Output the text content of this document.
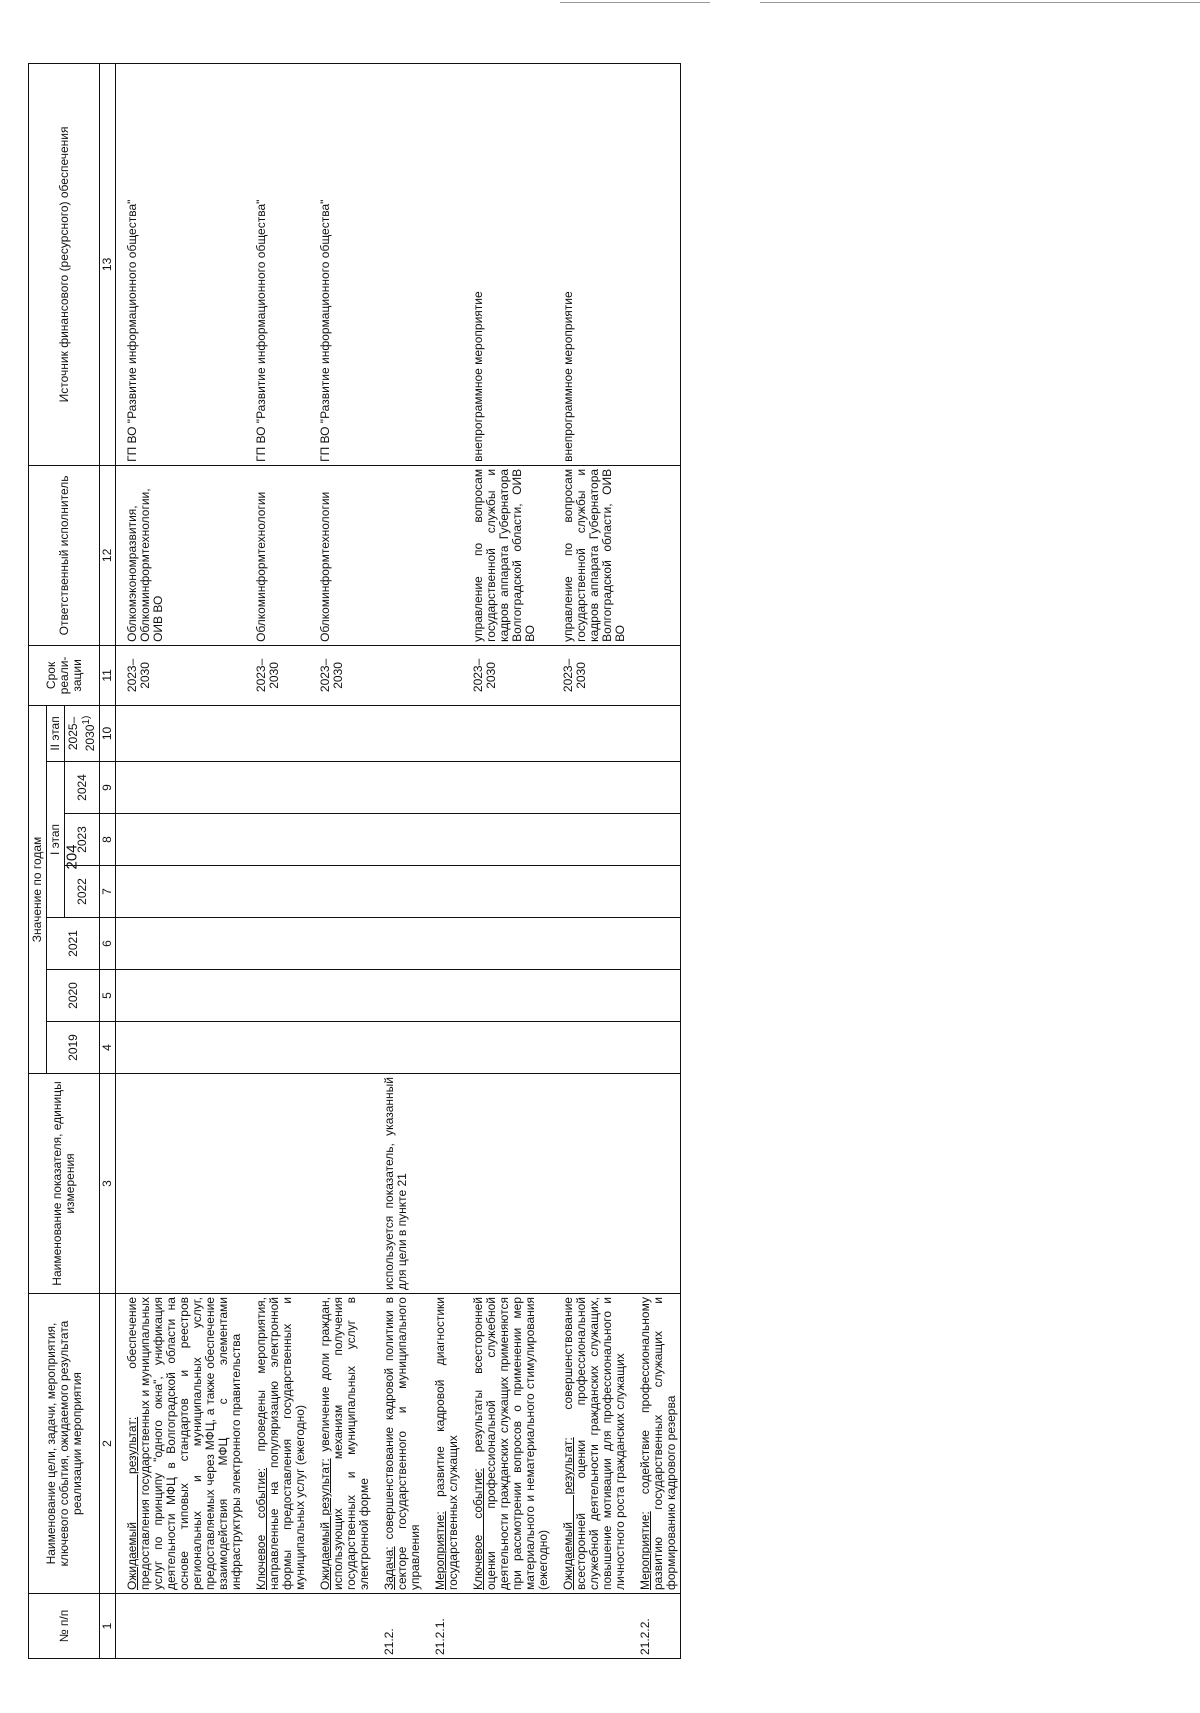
204
№ п/п	Наименование цели, задачи, мероприятия, ключевого события, ожидаемого результата реализации мероприятия	Наименование показателя, единицы измерения	Значение по годам							Срок реали-зации	Ответственный исполнитель	Источник финансового (ресурсного) обеспечения
			2019	2020	2021	I этап			II этап			
						2022	2023	2024	2025–2030$^{1)}$
1	2	3	4	5	6	7	8	9	10	11	12	13
	Ожидаемый результат: обеспечение предоставления государственных и муниципальных услуг по принципу "одного окна", унификация деятельности МФЦ в Волгоградской области на основе типовых стандартов и реестров региональных и муниципальных услуг, предоставляемых через МФЦ, а также обеспечение взаимодействия МФЦ с элементами инфраструктуры электронного правительства									2023–2030	Облкомэкономразвития, Облкоминформтехнологии, ОИВ ВО	ГП ВО "Развитие информационного общества"
	Ключевое событие: проведены мероприятия, направленные на популяризацию электронной формы предоставления государственных и муниципальных услуг (ежегодно)									2023–2030	Облкоминформтехнологии	ГП ВО "Развитие информационного общества"
	Ожидаемый результат: увеличение доли граждан, использующих механизм получения государственных и муниципальных услуг в электронной форме									2023–2030	Облкоминформтехнологии	ГП ВО "Развитие информационного общества"
21.2.	Задача: совершенствование кадровой политики в секторе государственного и муниципального управления	используется показатель, указанный для цели в пункте 21										
21.2.1.	Мероприятие: развитие кадровой диагностики государственных служащих											
	Ключевое событие: результаты всесторонней оценки профессиональной служебной деятельности гражданских служащих применяются при рассмотрении вопросов о применении мер материального и нематериального стимулирования (ежегодно)									2023–2030	управление по вопросам государственной службы и кадров аппарата Губернатора Волгоградской области, ОИВ ВО	внепрограммное мероприятие
	Ожидаемый результат: совершенствование всесторонней оценки профессиональной служебной деятельности гражданских служащих, повышение мотивации для профессионального и личностного роста гражданских служащих									2023–2030	управление по вопросам государственной службы и кадров аппарата Губернатора Волгоградской области, ОИВ ВО	внепрограммное мероприятие
21.2.2.	Мероприятие: содействие профессиональному развитию государственных служащих и формированию кадрового резерва											
